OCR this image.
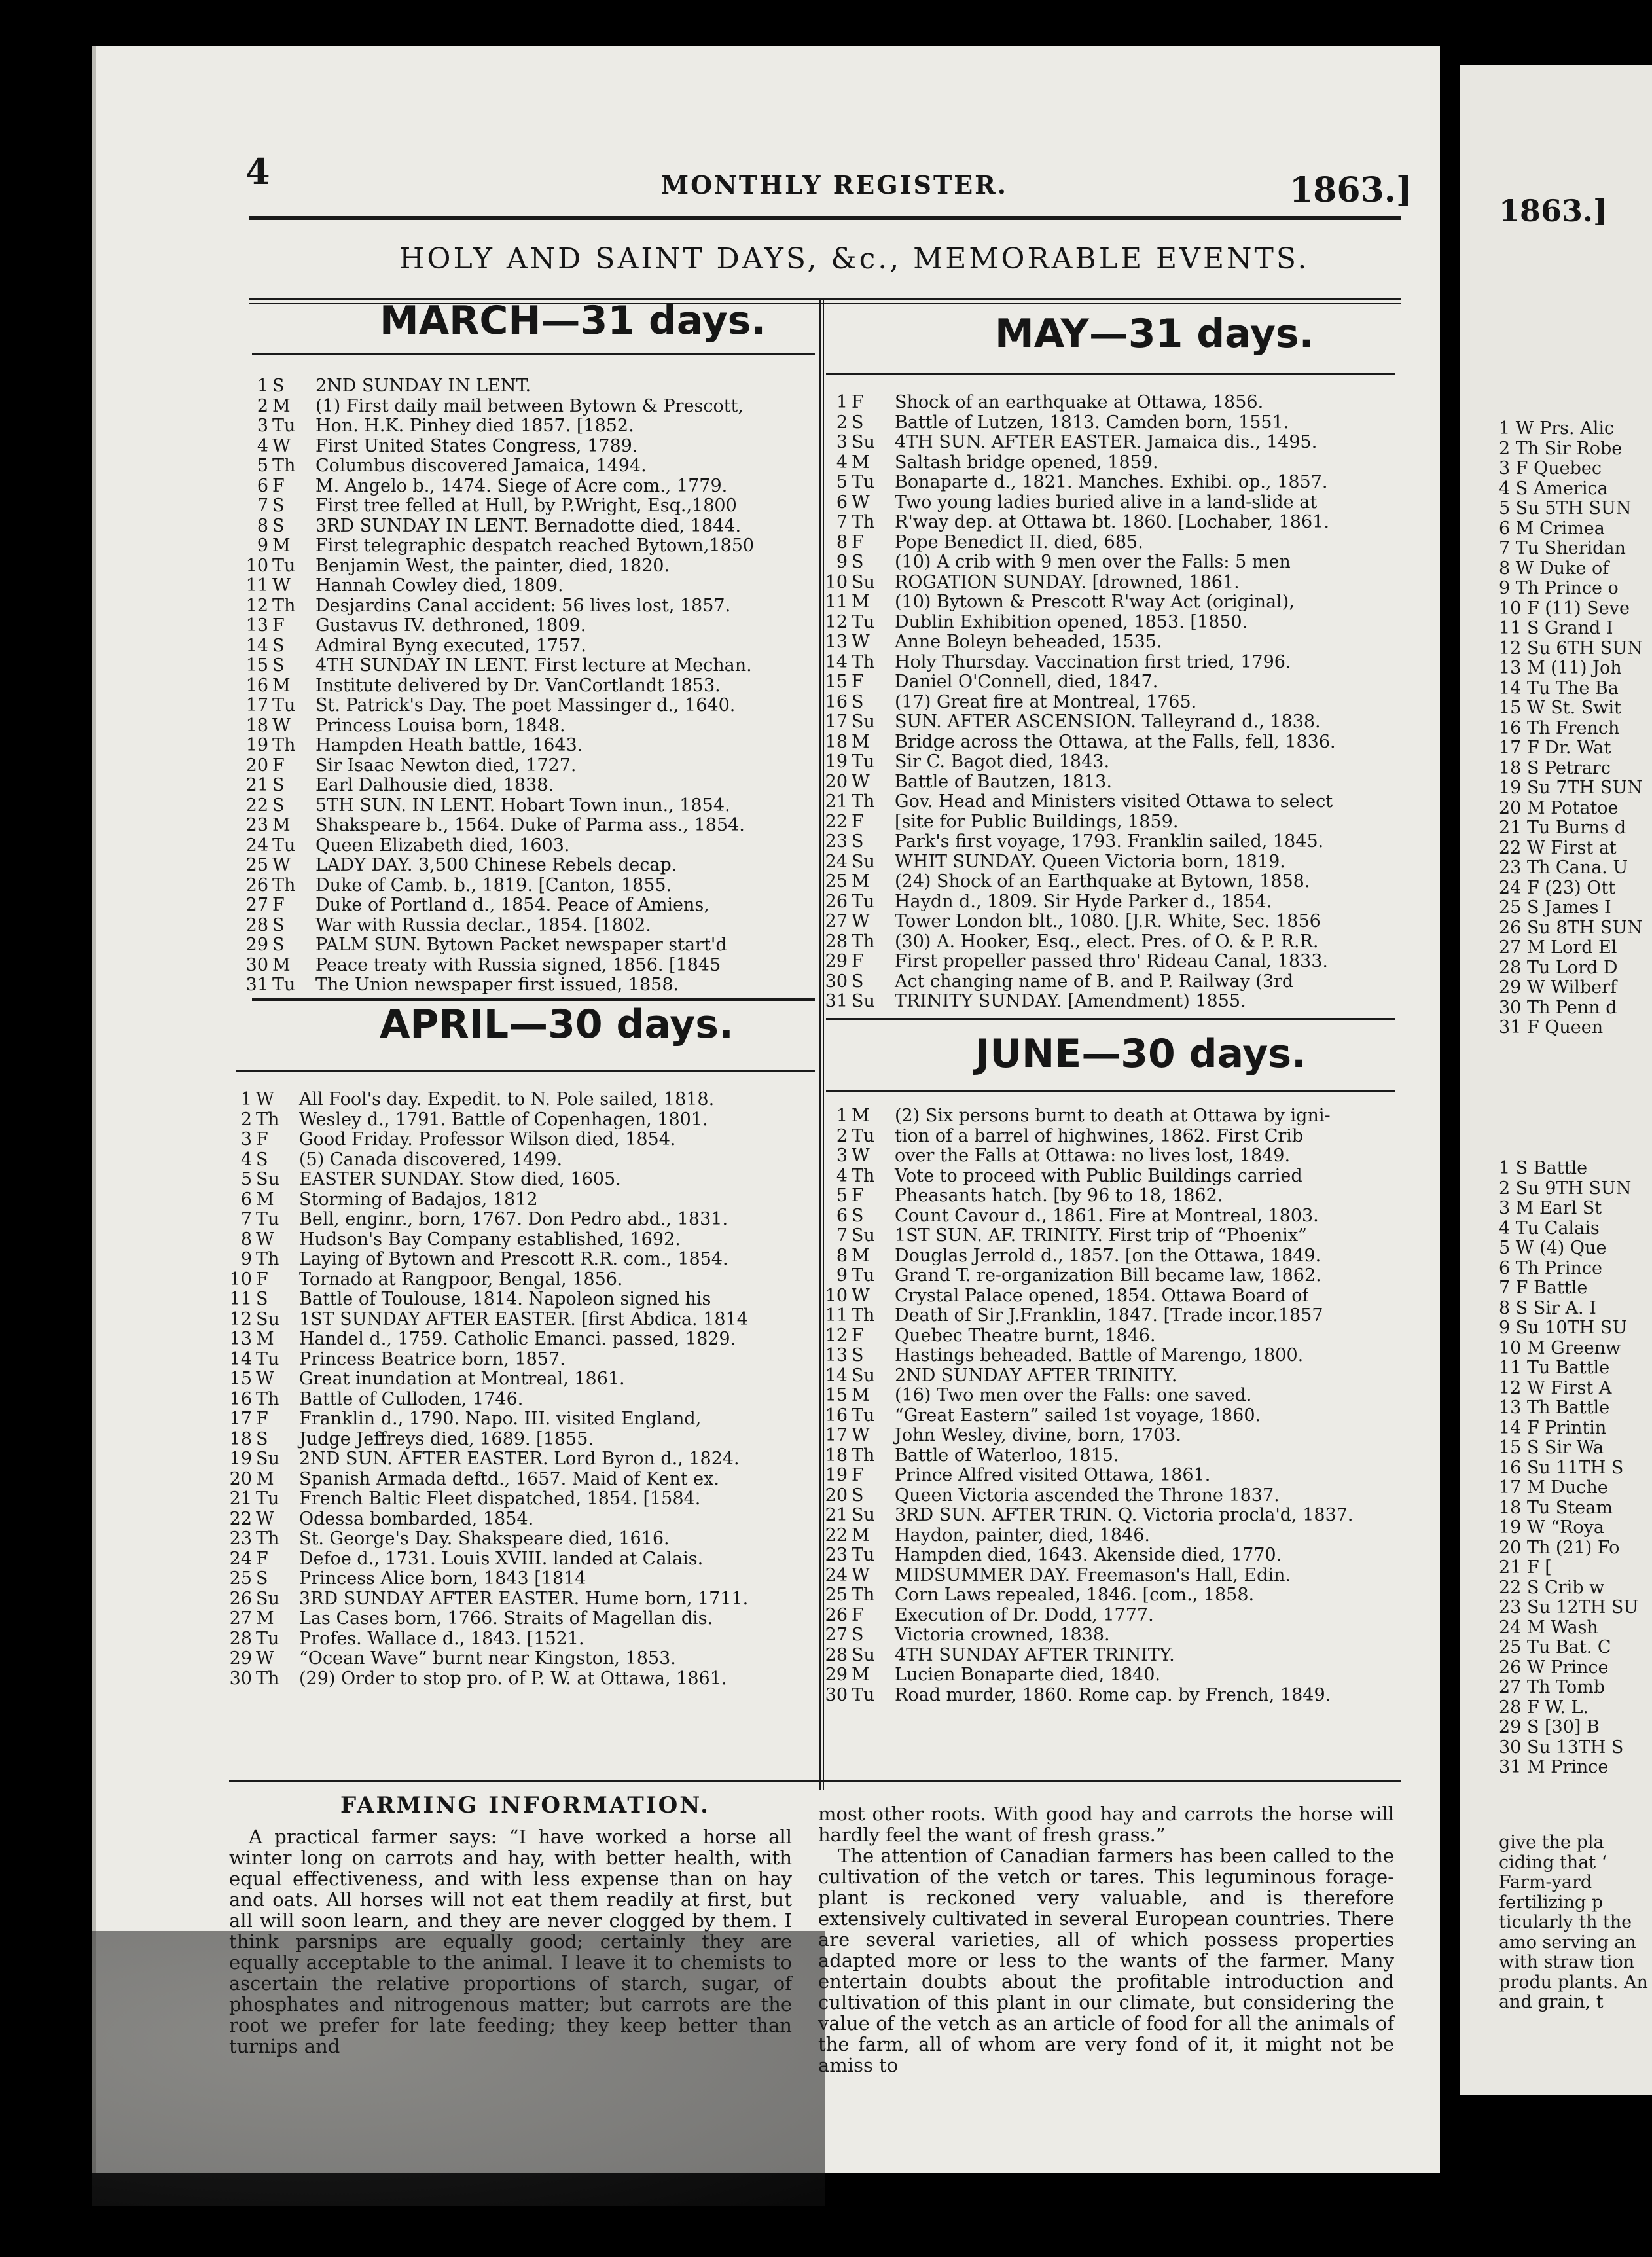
4	MONTHLY REGISTER.	1863.]
HOLY AND SAINT DAYS, &c., MEMORABLE EVENTS.
MARCH—31 days.
1 S	2ND SUNDAY IN LENT.
2 M	(1) First daily mail between Bytown & Prescott,
3 Tu	Hon. H.K. Pinhey died 1857. [1852.
4 W	First United States Congress, 1789.
5 Th	Columbus discovered Jamaica, 1494.
6 F	M. Angelo b., 1474. Siege of Acre com., 1779.
7 S	First tree felled at Hull, by P.Wright, Esq.,1800
8 S	3RD SUNDAY IN LENT. Bernadotte died, 1844.
9 M	First telegraphic despatch reached Bytown,1850
10 Tu	Benjamin West, the painter, died, 1820.
11 W	Hannah Cowley died, 1809.
12 Th	Desjardins Canal accident: 56 lives lost, 1857.
13 F	Gustavus IV. dethroned, 1809.
14 S	Admiral Byng executed, 1757.
15 S	4TH SUNDAY IN LENT. First lecture at Mechan.
16 M	Institute delivered by Dr. VanCortlandt 1853.
17 Tu	St. Patrick's Day. The poet Massinger d., 1640.
18 W	Princess Louisa born, 1848.
19 Th	Hampden Heath battle, 1643.
20 F	Sir Isaac Newton died, 1727.
21 S	Earl Dalhousie died, 1838.
22 S	5TH SUN. IN LENT. Hobart Town inun., 1854.
23 M	Shakspeare b., 1564. Duke of Parma ass., 1854.
24 Tu	Queen Elizabeth died, 1603.
25 W	LADY DAY. 3,500 Chinese Rebels decap.
26 Th	Duke of Camb. b., 1819. [Canton, 1855.
27 F	Duke of Portland d., 1854. Peace of Amiens,
28 S	War with Russia declar., 1854. [1802.
29 S	PALM SUN. Bytown Packet newspaper start'd
30 M	Peace treaty with Russia signed, 1856. [1845
31 Tu	The Union newspaper first issued, 1858.
APRIL—30 days.
1 W	All Fool's day. Expedit. to N. Pole sailed, 1818.
2 Th	Wesley d., 1791. Battle of Copenhagen, 1801.
3 F	Good Friday. Professor Wilson died, 1854.
4 S	(5) Canada discovered, 1499.
5 Su	EASTER SUNDAY. Stow died, 1605.
6 M	Storming of Badajos, 1812
7 Tu	Bell, enginr., born, 1767. Don Pedro abd., 1831.
8 W	Hudson's Bay Company established, 1692.
9 Th	Laying of Bytown and Prescott R.R. com., 1854.
10 F	Tornado at Rangpoor, Bengal, 1856.
11 S	Battle of Toulouse, 1814. Napoleon signed his
12 Su	1ST SUNDAY AFTER EASTER. [first Abdica. 1814
13 M	Handel d., 1759. Catholic Emanci. passed, 1829.
14 Tu	Princess Beatrice born, 1857.
15 W	Great inundation at Montreal, 1861.
16 Th	Battle of Culloden, 1746.
17 F	Franklin d., 1790. Napo. III. visited England,
18 S	Judge Jeffreys died, 1689. [1855.
19 Su	2ND SUN. AFTER EASTER. Lord Byron d., 1824.
20 M	Spanish Armada deftd., 1657. Maid of Kent ex.
21 Tu	French Baltic Fleet dispatched, 1854. [1584.
22 W	Odessa bombarded, 1854.
23 Th	St. George's Day. Shakspeare died, 1616.
24 F	Defoe d., 1731. Louis XVIII. landed at Calais.
25 S	Princess Alice born, 1843 [1814
26 Su	3RD SUNDAY AFTER EASTER. Hume born, 1711.
27 M	Las Cases born, 1766. Straits of Magellan dis.
28 Tu	Profes. Wallace d., 1843. [1521.
29 W	“Ocean Wave” burnt near Kingston, 1853.
30 Th	(29) Order to stop pro. of P. W. at Ottawa, 1861.
MAY—31 days.
1 F	Shock of an earthquake at Ottawa, 1856.
2 S	Battle of Lutzen, 1813. Camden born, 1551.
3 Su	4TH SUN. AFTER EASTER. Jamaica dis., 1495.
4 M	Saltash bridge opened, 1859.
5 Tu	Bonaparte d., 1821. Manches. Exhibi. op., 1857.
6 W	Two young ladies buried alive in a land-slide at
7 Th	R'way dep. at Ottawa bt. 1860. [Lochaber, 1861.
8 F	Pope Benedict II. died, 685.
9 S	(10) A crib with 9 men over the Falls: 5 men
10 Su	ROGATION SUNDAY. [drowned, 1861.
11 M	(10) Bytown & Prescott R'way Act (original),
12 Tu	Dublin Exhibition opened, 1853. [1850.
13 W	Anne Boleyn beheaded, 1535.
14 Th	Holy Thursday. Vaccination first tried, 1796.
15 F	Daniel O'Connell, died, 1847.
16 S	(17) Great fire at Montreal, 1765.
17 Su	SUN. AFTER ASCENSION. Talleyrand d., 1838.
18 M	Bridge across the Ottawa, at the Falls, fell, 1836.
19 Tu	Sir C. Bagot died, 1843.
20 W	Battle of Bautzen, 1813.
21 Th	Gov. Head and Ministers visited Ottawa to select
22 F	[site for Public Buildings, 1859.
23 S	Park's first voyage, 1793. Franklin sailed, 1845.
24 Su	WHIT SUNDAY. Queen Victoria born, 1819.
25 M	(24) Shock of an Earthquake at Bytown, 1858.
26 Tu	Haydn d., 1809. Sir Hyde Parker d., 1854.
27 W	Tower London blt., 1080. [J.R. White, Sec. 1856
28 Th	(30) A. Hooker, Esq., elect. Pres. of O. & P. R.R.
29 F	First propeller passed thro' Rideau Canal, 1833.
30 S	Act changing name of B. and P. Railway (3rd
31 Su	TRINITY SUNDAY. [Amendment) 1855.
JUNE—30 days.
1 M	(2) Six persons burnt to death at Ottawa by igni-
2 Tu	tion of a barrel of highwines, 1862. First Crib
3 W	over the Falls at Ottawa: no lives lost, 1849.
4 Th	Vote to proceed with Public Buildings carried
5 F	Pheasants hatch. [by 96 to 18, 1862.
6 S	Count Cavour d., 1861. Fire at Montreal, 1803.
7 Su	1ST SUN. AF. TRINITY. First trip of “Phoenix”
8 M	Douglas Jerrold d., 1857. [on the Ottawa, 1849.
9 Tu	Grand T. re-organization Bill became law, 1862.
10 W	Crystal Palace opened, 1854. Ottawa Board of
11 Th	Death of Sir J.Franklin, 1847. [Trade incor.1857
12 F	Quebec Theatre burnt, 1846.
13 S	Hastings beheaded. Battle of Marengo, 1800.
14 Su	2ND SUNDAY AFTER TRINITY.
15 M	(16) Two men over the Falls: one saved.
16 Tu	“Great Eastern” sailed 1st voyage, 1860.
17 W	John Wesley, divine, born, 1703.
18 Th	Battle of Waterloo, 1815.
19 F	Prince Alfred visited Ottawa, 1861.
20 S	Queen Victoria ascended the Throne 1837.
21 Su	3RD SUN. AFTER TRIN. Q. Victoria procla'd, 1837.
22 M	Haydon, painter, died, 1846.
23 Tu	Hampden died, 1643. Akenside died, 1770.
24 W	MIDSUMMER DAY. Freemason's Hall, Edin.
25 Th	Corn Laws repealed, 1846. [com., 1858.
26 F	Execution of Dr. Dodd, 1777.
27 S	Victoria crowned, 1838.
28 Su	4TH SUNDAY AFTER TRINITY.
29 M	Lucien Bonaparte died, 1840.
30 Tu	Road murder, 1860. Rome cap. by French, 1849.
FARMING INFORMATION.

A practical farmer says: “I have worked a horse all winter long on carrots and hay, with better health, with equal effectiveness, and with less expense than on hay and oats. All horses will not eat them readily at first, but all will soon learn, and they are never clogged by them. I think parsnips are equally good; certainly they are equally acceptable to the animal. I leave it to chemists to ascertain the relative proportions of starch, sugar, of phosphates and nitrogenous matter; but carrots are the root we prefer for late feeding; they keep better than turnips and

most other roots. With good hay and carrots the horse will hardly feel the want of fresh grass.”

The attention of Canadian farmers has been called to the cultivation of the vetch or tares. This leguminous forage-plant is reckoned very valuable, and is therefore extensively cultivated in several European countries. There are several varieties, all of which possess properties adapted more or less to the wants of the farmer. Many entertain doubts about the profitable introduction and cultivation of this plant in our climate, but considering the value of the vetch as an article of food for all the animals of the farm, all of whom are very fond of it, it might not be amiss to

1863.]
1 W Prs. Alic
2 Th Sir Robe
3 F Quebec
4 S America
5 Su 5TH SUN
6 M Crimea
7 Tu Sheridan
8 W Duke of
9 Th Prince o
10 F (11) Seve
11 S Grand I
12 Su 6TH SUN
13 M (11) Joh
14 Tu The Ba
15 W St. Swit
16 Th French
17 F Dr. Wat
18 S Petrarc
19 Su 7TH SUN
20 M Potatoe
21 Tu Burns d
22 W First at
23 Th Cana. U
24 F (23) Ott
25 S James I
26 Su 8TH SUN
27 M Lord El
28 Tu Lord D
29 W Wilberf
30 Th Penn d
31 F Queen
1 S Battle
2 Su 9TH SUN
3 M Earl St
4 Tu Calais
5 W (4) Que
6 Th Prince
7 F Battle
8 S Sir A. I
9 Su 10TH SU
10 M Greenw
11 Tu Battle
12 W First A
13 Th Battle
14 F Printin
15 S Sir Wa
16 Su 11TH S
17 M Duche
18 Tu Steam
19 W “Roya
20 Th (21) Fo
21 F [
22 S Crib w
23 Su 12TH SU
24 M Wash
25 Tu Bat. C
26 W Prince
27 Th Tomb
28 F W. L.
29 S [30] B
30 Su 13TH S
31 M Prince
give the pla ciding that ‘ Farm-yard fertilizing p ticularly th the amo serving an with straw tion produ plants. An and grain, t
